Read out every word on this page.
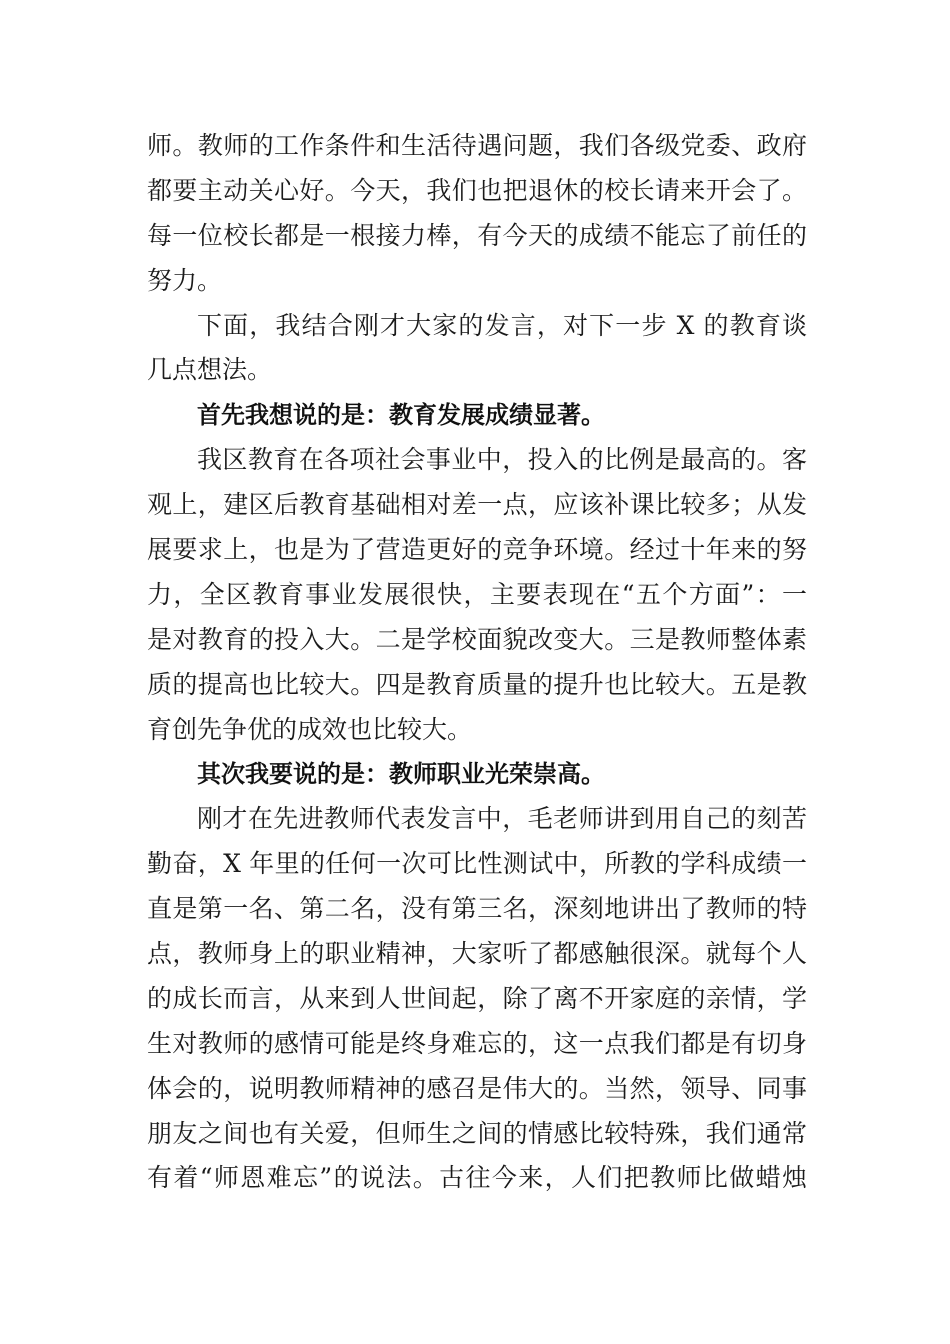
师。教师的工作条件和生活待遇问题，我们各级党委、政府
都要主动关心好。今天，我们也把退休的校长请来开会了。
每一位校长都是一根接力棒，有今天的成绩不能忘了前任的
努力。
下面，我结合刚才大家的发言，对下一步 X 的教育谈
几点想法。
首先我想说的是：教育发展成绩显著。
我区教育在各项社会事业中，投入的比例是最高的。客
观上，建区后教育基础相对差一点，应该补课比较多；从发
展要求上，也是为了营造更好的竞争环境。经过十年来的努
力，全区教育事业发展很快，主要表现在“五个方面”：一
是对教育的投入大。二是学校面貌改变大。三是教师整体素
质的提高也比较大。四是教育质量的提升也比较大。五是教
育创先争优的成效也比较大。
其次我要说的是：教师职业光荣崇高。
刚才在先进教师代表发言中，毛老师讲到用自己的刻苦
勤奋，X 年里的任何一次可比性测试中，所教的学科成绩一
直是第一名、第二名，没有第三名，深刻地讲出了教师的特
点，教师身上的职业精神，大家听了都感触很深。就每个人
的成长而言，从来到人世间起，除了离不开家庭的亲情，学
生对教师的感情可能是终身难忘的，这一点我们都是有切身
体会的，说明教师精神的感召是伟大的。当然，领导、同事
朋友之间也有关爱，但师生之间的情感比较特殊，我们通常
有着“师恩难忘”的说法。古往今来，人们把教师比做蜡烛
